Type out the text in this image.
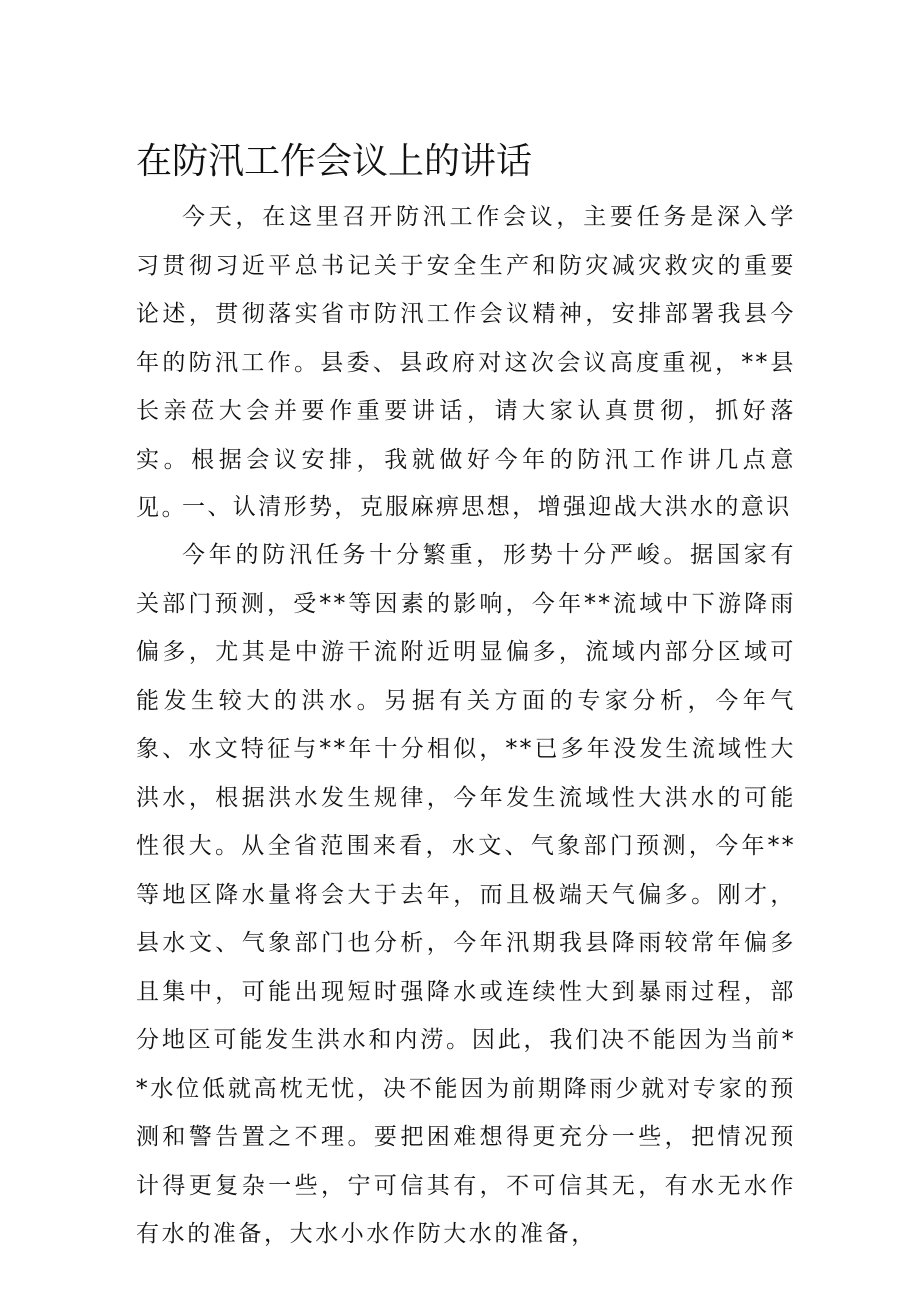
在防汛工作会议上的讲话

今天，在这里召开防汛工作会议，主要任务是深入学习贯彻习近平总书记关于安全生产和防灾减灾救灾的重要论述，贯彻落实省市防汛工作会议精神，安排部署我县今年的防汛工作。县委、县政府对这次会议高度重视，**县长亲莅大会并要作重要讲话，请大家认真贯彻，抓好落实。根据会议安排，我就做好今年的防汛工作讲几点意见。

一、认清形势，克服麻痹思想，增强迎战大洪水的意识

今年的防汛任务十分繁重，形势十分严峻。据国家有关部门预测，受**等因素的影响，今年**流域中下游降雨偏多，尤其是中游干流附近明显偏多，流域内部分区域可能发生较大的洪水。另据有关方面的专家分析，今年气象、水文特征与**年十分相似，**已多年没发生流域性大洪水，根据洪水发生规律，今年发生流域性大洪水的可能性很大。从全省范围来看，水文、气象部门预测，今年**等地区降水量将会大于去年，而且极端天气偏多。刚才，县水文、气象部门也分析，今年汛期我县降雨较常年偏多且集中，可能出现短时强降水或连续性大到暴雨过程，部分地区可能发生洪水和内涝。因此，我们决不能因为当前**水位低就高枕无忧，决不能因为前期降雨少就对专家的预测和警告置之不理。要把困难想得更充分一些，把情况预计得更复杂一些，宁可信其有，不可信其无，有水无水作有水的准备，大水小水作防大水的准备，
